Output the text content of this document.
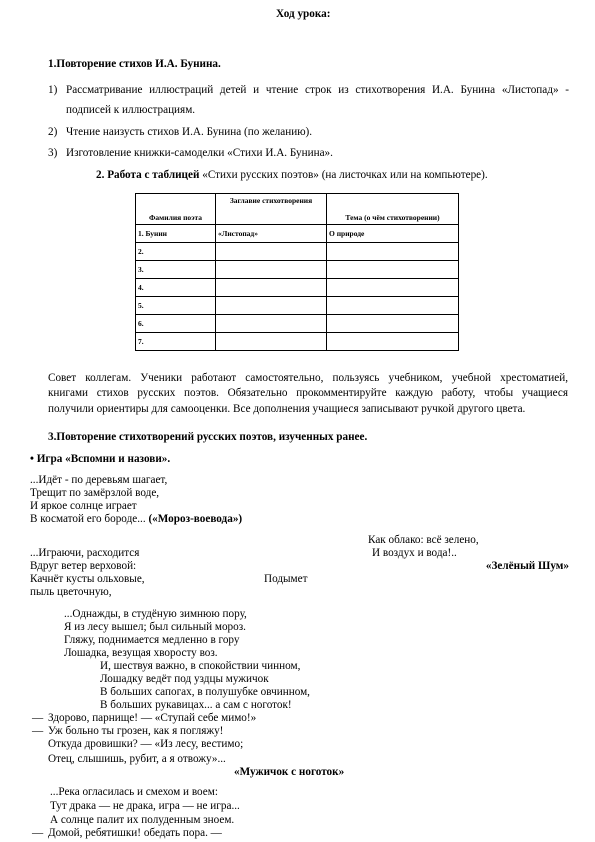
Ход урока:
1.Повторение стихов И.А. Бунина.
1) Рассматривание иллюстраций детей и чтение строк из стихотворения И.А. Бунина «Листопад» -
подписей к иллюстрациям.
2) Чтение наизусть стихов И.А. Бунина (по желанию).
3) Изготовление книжки-самоделки «Стихи И.А. Бунина».
2. Работа с таблицей «Стихи русских поэтов» (на листочках или на компьютере).
Фамилия поэта	Заглавие стихотворения	Тема (о чём стихотворении)
1. Бунин	«Листопад»	О природе
2.		
3.		
4.		
5.		
6.		
7.		
Совет коллегам. Ученики работают самостоятельно, пользуясь учебником, учебной хрестоматией,
книгами стихов русских поэтов. Обязательно прокомментируйте каждую работу, чтобы учащиеся
получили ориентиры для самооценки. Все дополнения учащиеся записывают ручкой другого цвета.
3.Повторение стихотворений русских поэтов, изученных ранее.
• Игра «Вспомни и назови».
...Идёт - по деревьям шагает,
Трещит по замёрзлой воде,
И яркое солнце играет
В косматой его бороде... («Мороз-воевода»)
Как облако: всё зелено,
И воздух и вода!..
«Зелёный Шум»
...Играючи, расходится
Вдруг ветер верховой:
Качнёт кусты ольховые,	Подымет
пыль цветочную,
...Однажды, в студёную зимнюю пору,
Я из лесу вышел; был сильный мороз.
Гляжу, поднимается медленно в гору
Лошадка, везущая хворосту воз.
И, шествуя важно, в спокойствии чинном,
Лошадку ведёт под уздцы мужичок
В больших сапогах, в полушубке овчинном,
В больших рукавицах... а сам с ноготок!
— Здорово, парнище! — «Ступай себе мимо!»
— Уж больно ты грозен, как я погляжу!
Откуда дровишки? — «Из лесу, вестимо;
Отец, слышишь, рубит, а я отвожу»...
«Мужичок с ноготок»
...Река огласилась и смехом и воем:
Тут драка — не драка, игра — не игра...
А солнце палит их полуденным зноем.
— Домой, ребятишки! обедать пора. —
